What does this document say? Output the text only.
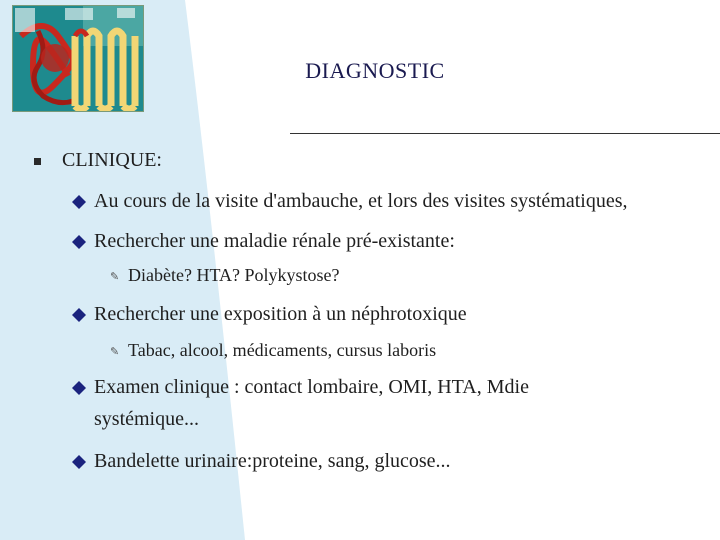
DIAGNOSTIC
CLINIQUE:
Au cours de la visite d'ambauche, et lors des visites systématiques,
Rechercher une maladie rénale pré-existante:
✎ Diabète? HTA? Polykystose?
Rechercher une exposition à un néphrotoxique
✎ Tabac, alcool, médicaments, cursus laboris
Examen clinique : contact lombaire, OMI, HTA, Mdie
systémique...
Bandelette urinaire:proteine, sang, glucose...
